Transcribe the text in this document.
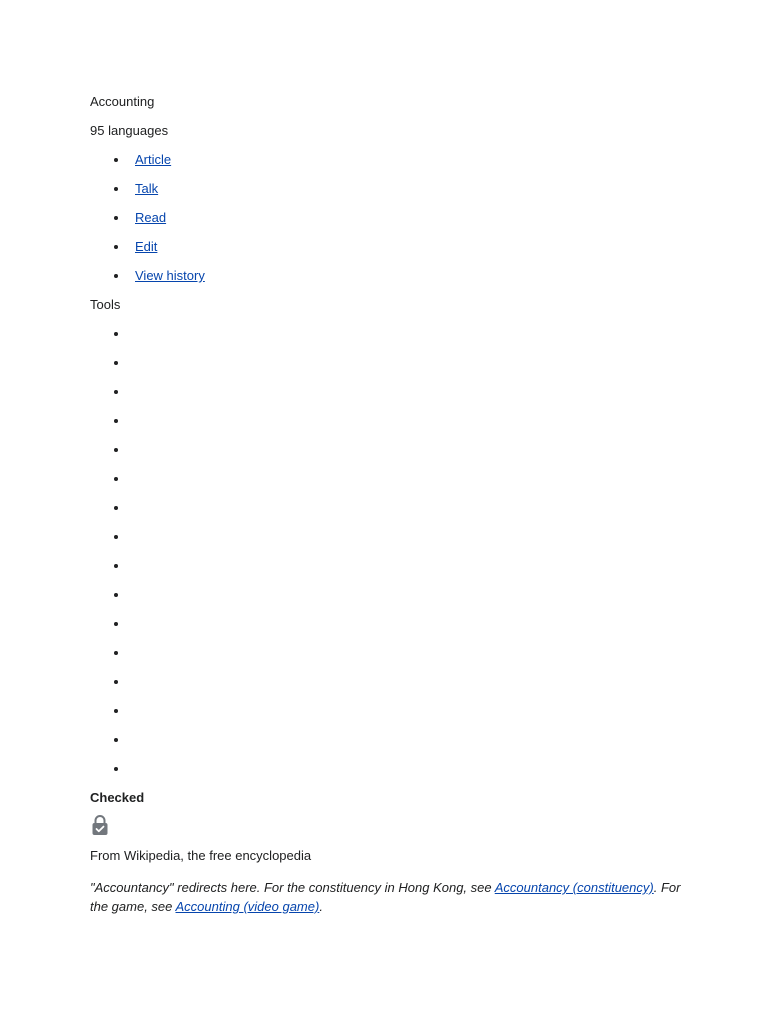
Accounting
95 languages
Article
Talk
Read
Edit
View history
Tools
Checked
From Wikipedia, the free encyclopedia
"Accountancy" redirects here. For the constituency in Hong Kong, see Accountancy (constituency). For the game, see Accounting (video game).
